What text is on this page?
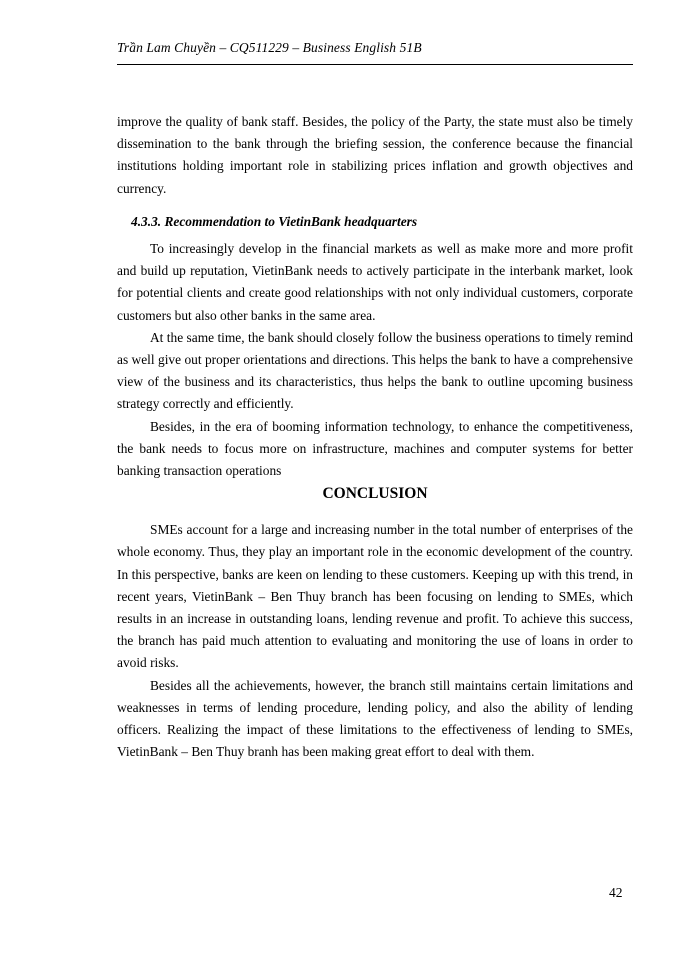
Trần Lam Chuyền – CQ511229 – Business English 51B

improve the quality of bank staff. Besides, the policy of the Party, the state must also be timely dissemination to the bank through the briefing session, the conference because the financial institutions holding important role in stabilizing prices inflation and growth objectives and currency.

4.3.3. Recommendation to VietinBank headquarters

To increasingly develop in the financial markets as well as make more and more profit and build up reputation, VietinBank needs to actively participate in the interbank market, look for potential clients and create good relationships with not only individual customers, corporate customers but also other banks in the same area.

At the same time, the bank should closely follow the business operations to timely remind as well give out proper orientations and directions. This helps the bank to have a comprehensive view of the business and its characteristics, thus helps the bank to outline upcoming business strategy correctly and efficiently.

Besides, in the era of booming information technology, to enhance the competitiveness, the bank needs to focus more on infrastructure, machines and computer systems for better banking transaction operations

CONCLUSION

SMEs account for a large and increasing number in the total number of enterprises of the whole economy. Thus, they play an important role in the economic development of the country. In this perspective, banks are keen on lending to these customers. Keeping up with this trend, in recent years, VietinBank – Ben Thuy branch has been focusing on lending to SMEs, which results in an increase in outstanding loans, lending revenue and profit. To achieve this success, the branch has paid much attention to evaluating and monitoring the use of loans in order to avoid risks.

Besides all the achievements, however, the branch still maintains certain limitations and weaknesses in terms of lending procedure, lending policy, and also the ability of lending officers. Realizing the impact of these limitations to the effectiveness of lending to SMEs, VietinBank – Ben Thuy branh has been making great effort to deal with them.

42
